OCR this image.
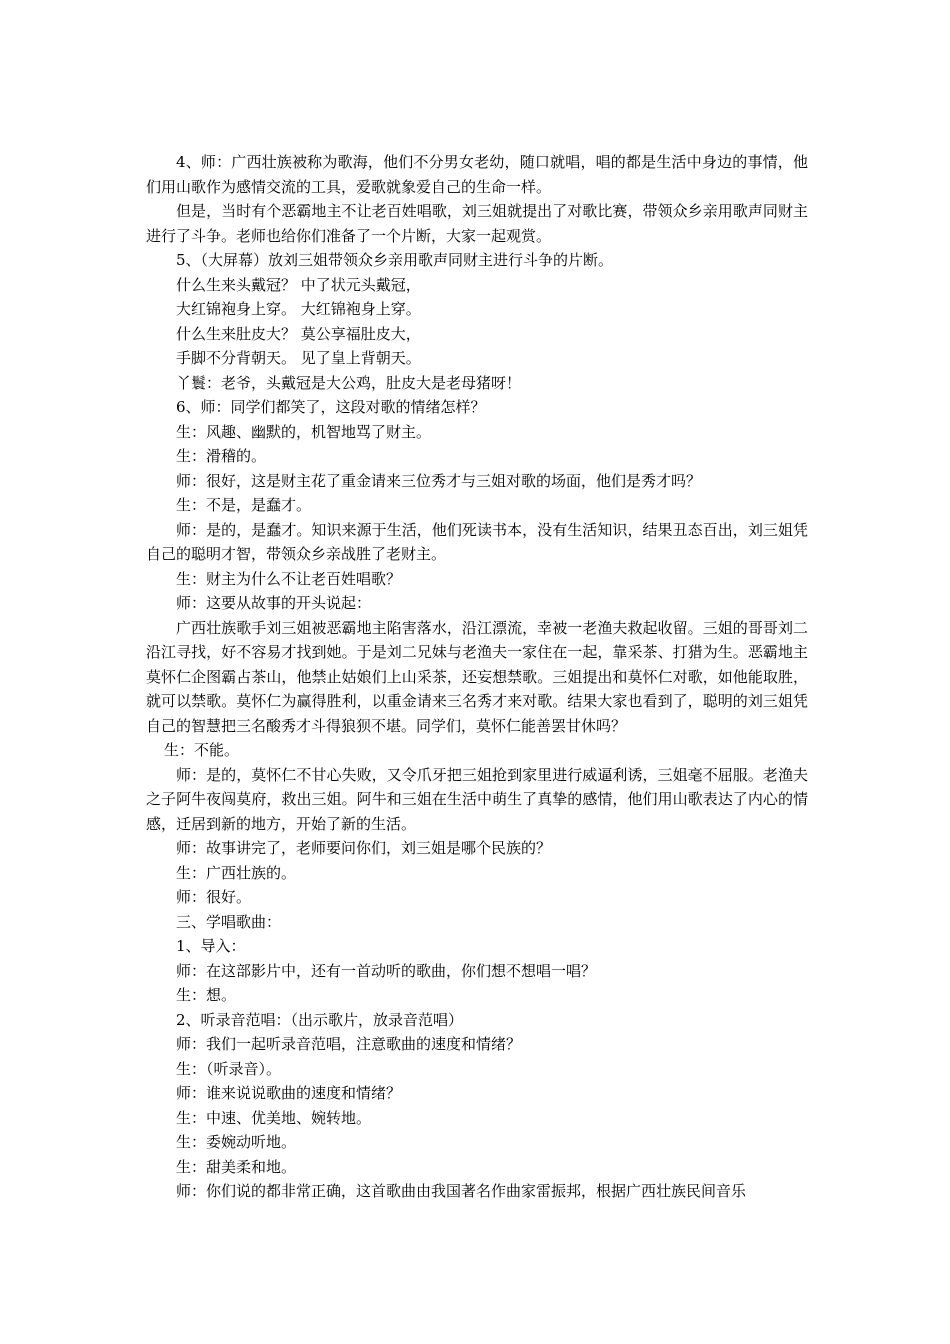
4、师：广西壮族被称为歌海，他们不分男女老幼，随口就唱，唱的都是生活中身边的事情，他们用山歌作为感情交流的工具，爱歌就象爱自己的生命一样。

但是，当时有个恶霸地主不让老百姓唱歌，刘三姐就提出了对歌比赛，带领众乡亲用歌声同财主进行了斗争。老师也给你们准备了一个片断，大家一起观赏。

5、（大屏幕）放刘三姐带领众乡亲用歌声同财主进行斗争的片断。

什么生来头戴冠？ 中了状元头戴冠，

大红锦袍身上穿。 大红锦袍身上穿。

什么生来肚皮大？ 莫公享福肚皮大，

手脚不分背朝天。 见了皇上背朝天。

丫鬟：老爷，头戴冠是大公鸡，肚皮大是老母猪呀！

6、师：同学们都笑了，这段对歌的情绪怎样？

生：风趣、幽默的，机智地骂了财主。

生：滑稽的。

师：很好，这是财主花了重金请来三位秀才与三姐对歌的场面，他们是秀才吗？

生：不是，是蠢才。

师：是的，是蠢才。知识来源于生活，他们死读书本，没有生活知识，结果丑态百出，刘三姐凭自己的聪明才智，带领众乡亲战胜了老财主。

生：财主为什么不让老百姓唱歌？

师：这要从故事的开头说起：

广西壮族歌手刘三姐被恶霸地主陷害落水，沿江漂流，幸被一老渔夫救起收留。三姐的哥哥刘二沿江寻找，好不容易才找到她。于是刘二兄妹与老渔夫一家住在一起，靠采茶、打猎为生。恶霸地主莫怀仁企图霸占茶山，他禁止姑娘们上山采茶，还妄想禁歌。三姐提出和莫怀仁对歌，如他能取胜，就可以禁歌。莫怀仁为赢得胜利，以重金请来三名秀才来对歌。结果大家也看到了，聪明的刘三姐凭自己的智慧把三名酸秀才斗得狼狈不堪。同学们，莫怀仁能善罢甘休吗？

生：不能。

师：是的，莫怀仁不甘心失败，又令爪牙把三姐抢到家里进行威逼利诱，三姐毫不屈服。老渔夫之子阿牛夜闯莫府，救出三姐。阿牛和三姐在生活中萌生了真挚的感情，他们用山歌表达了内心的情感，迁居到新的地方，开始了新的生活。

师：故事讲完了，老师要问你们，刘三姐是哪个民族的？

生：广西壮族的。

师：很好。

三、学唱歌曲：

1、导入：

师：在这部影片中，还有一首动听的歌曲，你们想不想唱一唱？

生：想。

2、听录音范唱：（出示歌片，放录音范唱）

师：我们一起听录音范唱，注意歌曲的速度和情绪？

生：（听录音）。

师：谁来说说歌曲的速度和情绪？

生：中速、优美地、婉转地。

生：委婉动听地。

生：甜美柔和地。

师：你们说的都非常正确，这首歌曲由我国著名作曲家雷振邦，根据广西壮族民间音乐
